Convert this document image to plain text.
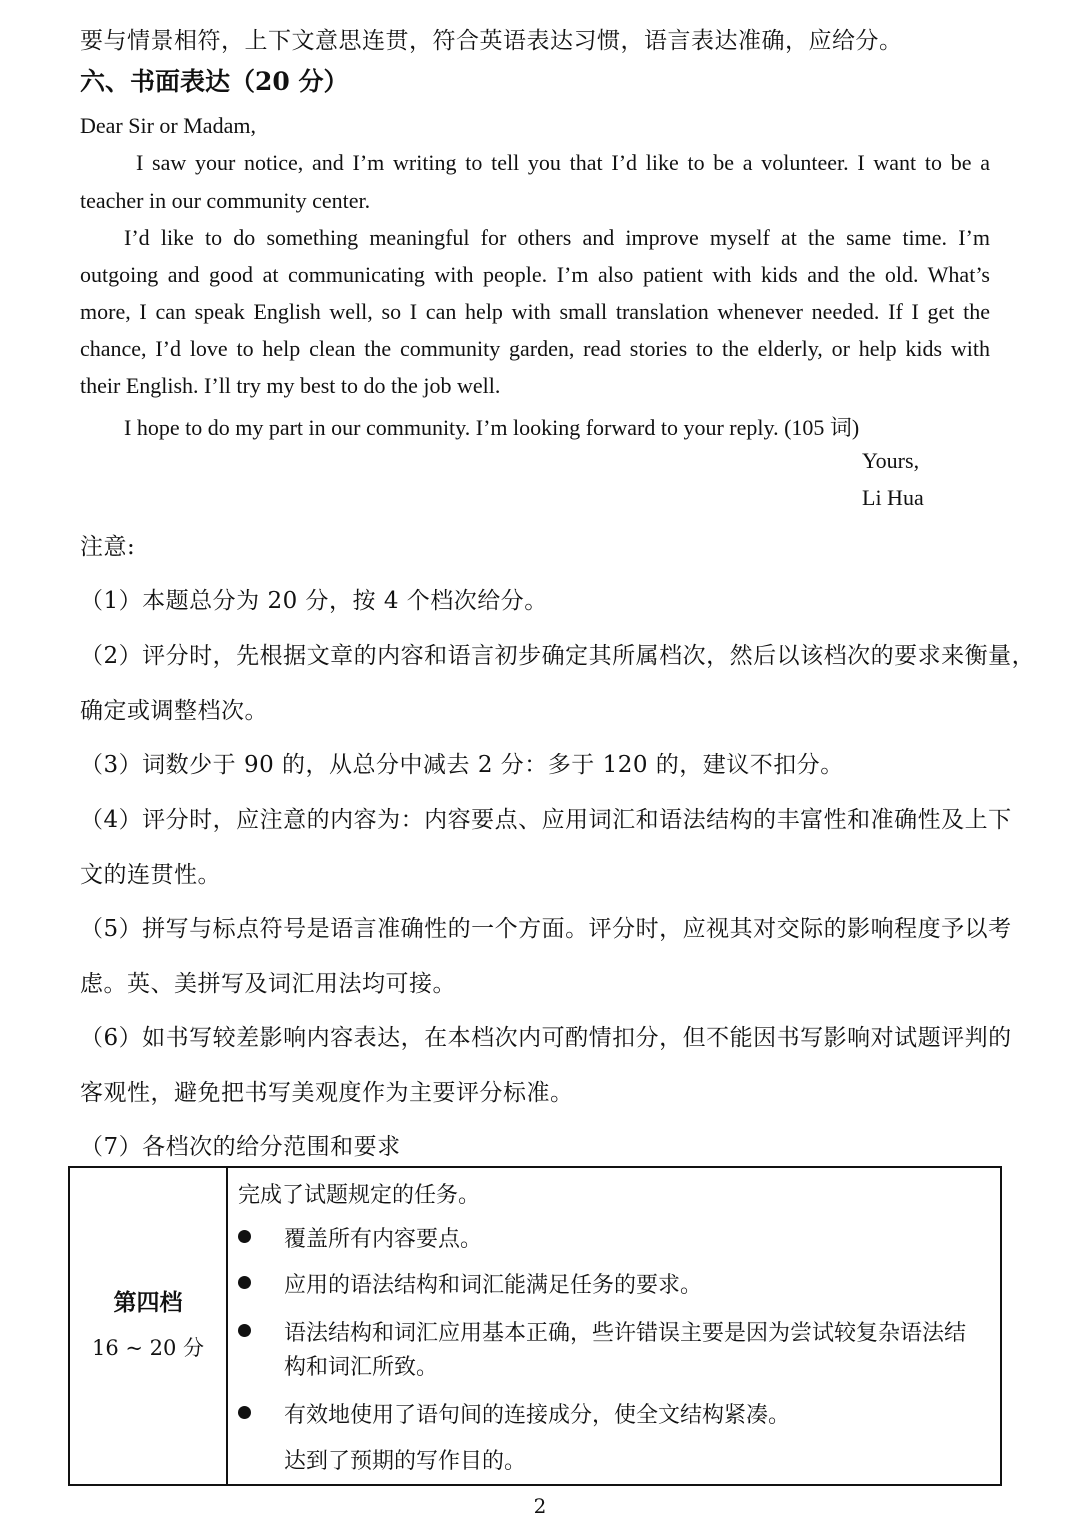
要与情景相符，上下文意思连贯，符合英语表达习惯，语言表达准确，应给分。
六、书面表达（20 分）
Dear Sir or Madam,
I saw your notice, and I’m writing to tell you that I’d like to be a volunteer. I want to be a
teacher in our community center.
I’d like to do something meaningful for others and improve myself at the same time. I’m
outgoing and good at communicating with people. I’m also patient with kids and the old. What’s
more, I can speak English well, so I can help with small translation whenever needed. If I get the
chance, I’d love to help clean the community garden, read stories to the elderly, or help kids with
their English. I’ll try my best to do the job well.
I hope to do my part in our community. I’m looking forward to your reply. (105 词)
Yours,
Li Hua
注意:
（1）本题总分为 20 分，按 4 个档次给分。
（2）评分时，先根据文章的内容和语言初步确定其所属档次，然后以该档次的要求来衡量，
确定或调整档次。
（3）词数少于 90 的，从总分中减去 2 分：多于 120 的，建议不扣分。
（4）评分时，应注意的内容为：内容要点、应用词汇和语法结构的丰富性和准确性及上下
文的连贯性。
（5）拼写与标点符号是语言准确性的一个方面。评分时，应视其对交际的影响程度予以考
虑。英、美拼写及词汇用法均可接。
（6）如书写较差影响内容表达，在本档次内可酌情扣分，但不能因书写影响对试题评判的
客观性，避免把书写美观度作为主要评分标准。
（7）各档次的给分范围和要求
第四档
16 ~ 20 分
完成了试题规定的任务。
覆盖所有内容要点。
应用的语法结构和词汇能满足任务的要求。
语法结构和词汇应用基本正确，些许错误主要是因为尝试较复杂语法结
构和词汇所致。
有效地使用了语句间的连接成分，使全文结构紧凑。
达到了预期的写作目的。
2
